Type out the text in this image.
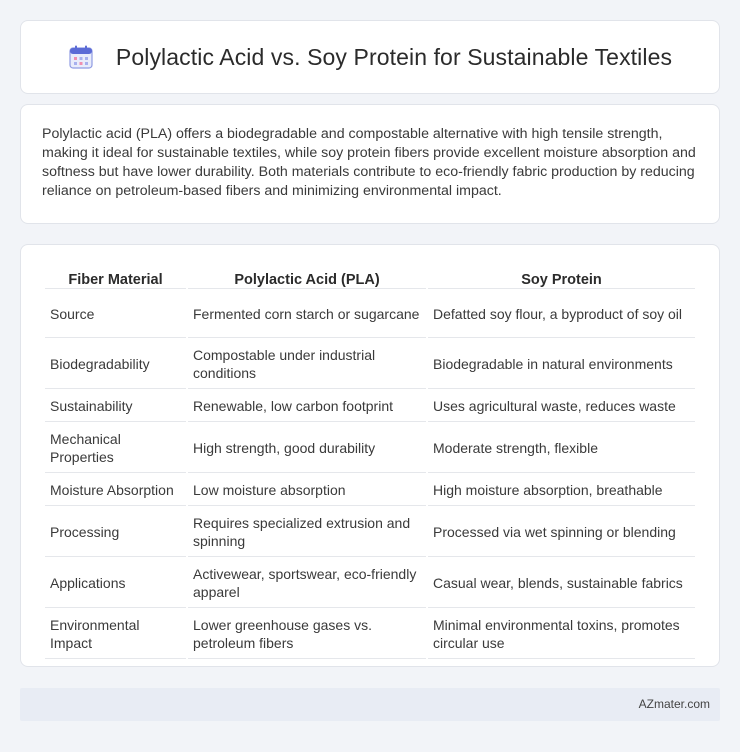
Polylactic Acid vs. Soy Protein for Sustainable Textiles

Polylactic acid (PLA) offers a biodegradable and compostable alternative with high tensile strength, making it ideal for sustainable textiles, while soy protein fibers provide excellent moisture absorption and softness but have lower durability. Both materials contribute to eco-friendly fabric production by reducing reliance on petroleum-based fibers and minimizing environmental impact.

Fiber Material	Polylactic Acid (PLA)	Soy Protein
Source	Fermented corn starch or sugarcane	Defatted soy flour, a byproduct of soy oil
Biodegradability	Compostable under industrial conditions	Biodegradable in natural environments
Sustainability	Renewable, low carbon footprint	Uses agricultural waste, reduces waste
Mechanical Properties	High strength, good durability	Moderate strength, flexible
Moisture Absorption	Low moisture absorption	High moisture absorption, breathable
Processing	Requires specialized extrusion and spinning	Processed via wet spinning or blending
Applications	Activewear, sportswear, eco-friendly apparel	Casual wear, blends, sustainable fabrics
Environmental Impact	Lower greenhouse gases vs. petroleum fibers	Minimal environmental toxins, promotes circular use
AZmater.com
